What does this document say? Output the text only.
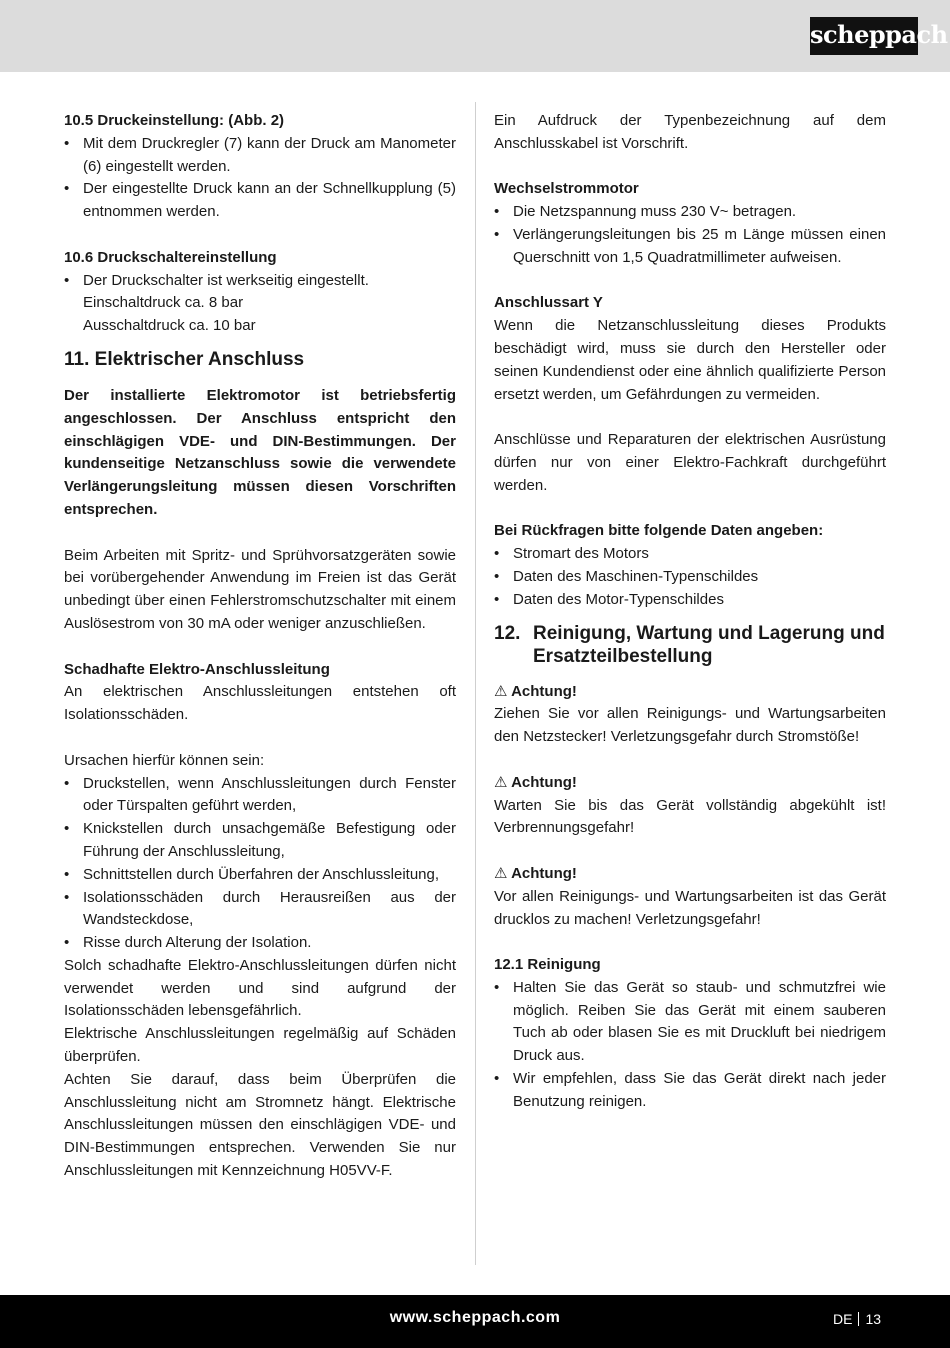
scheppach

10.5 Druckeinstellung: (Abb. 2)

• Mit dem Druckregler (7) kann der Druck am Manometer (6) eingestellt werden.
• Der eingestellte Druck kann an der Schnellkupplung (5) entnommen werden.

10.6 Druckschaltereinstellung

• Der Druckschalter ist werkseitig eingestellt.
Einschaltdruck ca. 8 bar
Ausschaltdruck ca. 10 bar
11. Elektrischer Anschluss

Der installierte Elektromotor ist betriebsfertig angeschlossen. Der Anschluss entspricht den einschlägigen VDE- und DIN-Bestimmungen. Der kundenseitige Netzanschluss sowie die verwendete Verlängerungsleitung müssen diesen Vorschriften entsprechen.

Beim Arbeiten mit Spritz- und Sprühvorsatzgeräten sowie bei vorübergehender Anwendung im Freien ist das Gerät unbedingt über einen Fehlerstromschutzschalter mit einem Auslösestrom von 30 mA oder weniger anzuschließen.

Schadhafte Elektro-Anschlussleitung

An elektrischen Anschlussleitungen entstehen oft Isolationsschäden.

Ursachen hierfür können sein:

• Druckstellen, wenn Anschlussleitungen durch Fenster oder Türspalten geführt werden,
• Knickstellen durch unsachgemäße Befestigung oder Führung der Anschlussleitung,
• Schnittstellen durch Überfahren der Anschlussleitung,
• Isolationsschäden durch Herausreißen aus der Wandsteckdose,
• Risse durch Alterung der Isolation.

Solch schadhafte Elektro-Anschlussleitungen dürfen nicht verwendet werden und sind aufgrund der Isolationsschäden lebensgefährlich.

Elektrische Anschlussleitungen regelmäßig auf Schäden überprüfen.

Achten Sie darauf, dass beim Überprüfen die Anschlussleitung nicht am Stromnetz hängt. Elektrische Anschlussleitungen müssen den einschlägigen VDE- und DIN-Bestimmungen entsprechen. Verwenden Sie nur Anschlussleitungen mit Kennzeichnung H05VV-F.

Ein Aufdruck der Typenbezeichnung auf dem Anschlusskabel ist Vorschrift.

Wechselstrommotor

• Die Netzspannung muss 230 V~ betragen.
• Verlängerungsleitungen bis 25 m Länge müssen einen Querschnitt von 1,5 Quadratmillimeter aufweisen.

Anschlussart Y

Wenn die Netzanschlussleitung dieses Produkts beschädigt wird, muss sie durch den Hersteller oder seinen Kundendienst oder eine ähnlich qualifizierte Person ersetzt werden, um Gefährdungen zu vermeiden.

Anschlüsse und Reparaturen der elektrischen Ausrüstung dürfen nur von einer Elektro-Fachkraft durchgeführt werden.

Bei Rückfragen bitte folgende Daten angeben:

• Stromart des Motors
• Daten des Maschinen-Typenschildes
• Daten des Motor-Typenschildes
12. Reinigung, Wartung und Lagerung und Ersatzteilbestellung

⚠ Achtung!

Ziehen Sie vor allen Reinigungs- und Wartungsarbeiten den Netzstecker! Verletzungsgefahr durch Stromstöße!

⚠ Achtung!

Warten Sie bis das Gerät vollständig abgekühlt ist! Verbrennungsgefahr!

⚠ Achtung!

Vor allen Reinigungs- und Wartungsarbeiten ist das Gerät drucklos zu machen! Verletzungsgefahr!

12.1 Reinigung

• Halten Sie das Gerät so staub- und schmutzfrei wie möglich. Reiben Sie das Gerät mit einem sauberen Tuch ab oder blasen Sie es mit Druckluft bei niedrigem Druck aus.
• Wir empfehlen, dass Sie das Gerät direkt nach jeder Benutzung reinigen.
www.scheppach.com	DE 13
